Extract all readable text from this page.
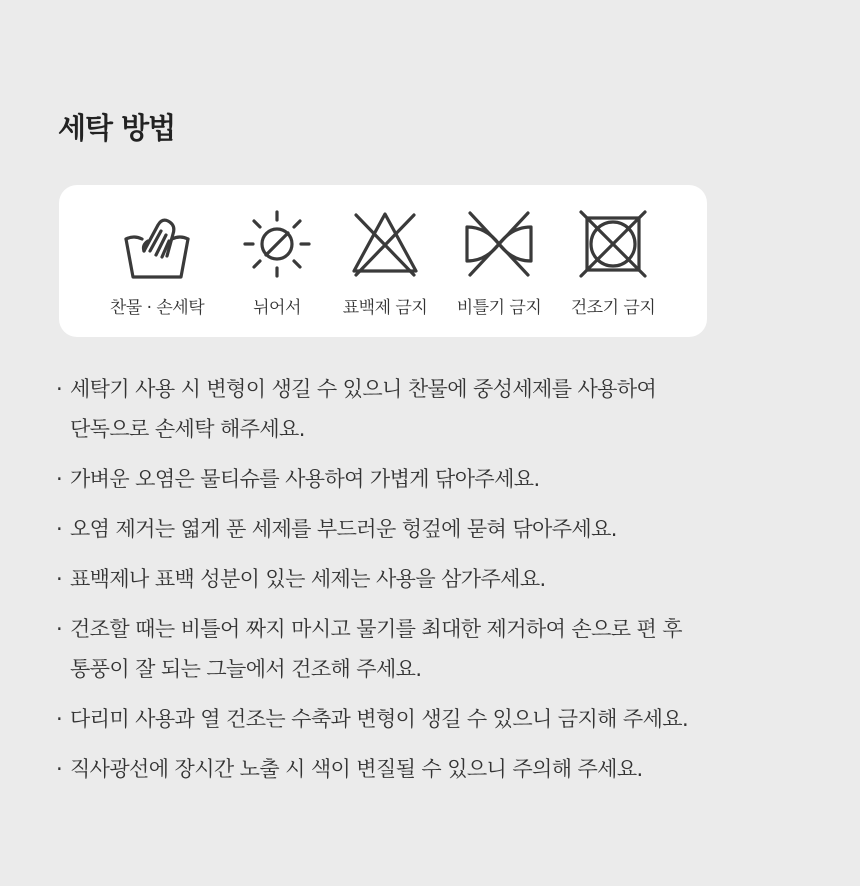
세탁 방법
찬물 · 손세탁	뉘어서	표백제 금지	비틀기 금지	건조기 금지
· 세탁기 사용 시 변형이 생길 수 있으니 찬물에 중성세제를 사용하여
단독으로 손세탁 해주세요.
· 가벼운 오염은 물티슈를 사용하여 가볍게 닦아주세요.
· 오염 제거는 엷게 푼 세제를 부드러운 헝겊에 묻혀 닦아주세요.
· 표백제나 표백 성분이 있는 세제는 사용을 삼가주세요.
· 건조할 때는 비틀어 짜지 마시고 물기를 최대한 제거하여 손으로 편 후
통풍이 잘 되는 그늘에서 건조해 주세요.
· 다리미 사용과 열 건조는 수축과 변형이 생길 수 있으니 금지해 주세요.
· 직사광선에 장시간 노출 시 색이 변질될 수 있으니 주의해 주세요.
